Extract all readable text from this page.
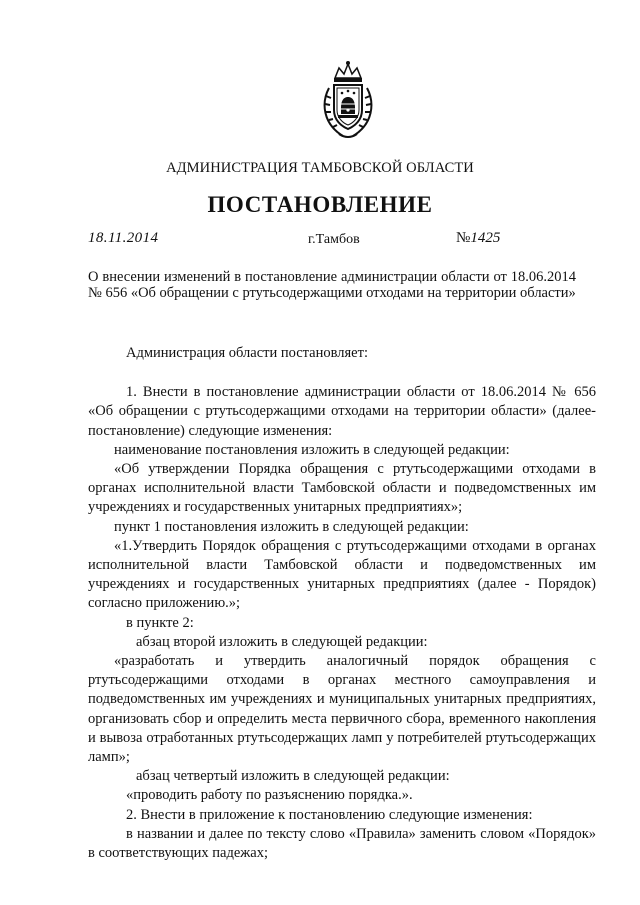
АДМИНИСТРАЦИЯ ТАМБОВСКОЙ ОБЛАСТИ
ПОСТАНОВЛЕНИЕ
18.11.2014	г.Тамбов	№1425
О внесении изменений в постановление администрации области от 18.06.2014 № 656 «Об обращении с ртутьсодержащими отходами на территории области»

Администрация области постановляет:

1. Внести в постановление администрации области от 18.06.2014 № 656 «Об обращении с ртутьсодержащими отходами на территории области» (далее- постановление) следующие изменения:

наименование постановления изложить в следующей редакции:

«Об утверждении Порядка обращения с ртутьсодержащими отходами в органах исполнительной власти Тамбовской области и подведомственных им учреждениях и государственных унитарных предприятиях»;

пункт 1 постановления изложить в следующей редакции:

«1.Утвердить Порядок обращения с ртутьсодержащими отходами в органах исполнительной власти Тамбовской области и подведомственных им учреждениях и государственных унитарных предприятиях (далее - Порядок) согласно приложению.»;

в пункте 2:

абзац второй изложить в следующей редакции:

«разработать и утвердить аналогичный порядок обращения с ртутьсодержащими отходами в органах местного самоуправления и подведомственных им учреждениях и муниципальных унитарных предприятиях, организовать сбор и определить места первичного сбора, временного накопления и вывоза отработанных ртутьсодержащих ламп у потребителей ртутьсодержащих ламп»;

абзац четвертый изложить в следующей редакции:

«проводить работу по разъяснению порядка.».

2. Внести в приложение к постановлению следующие изменения:

в названии и далее по тексту слово «Правила» заменить словом «Порядок» в соответствующих падежах;
